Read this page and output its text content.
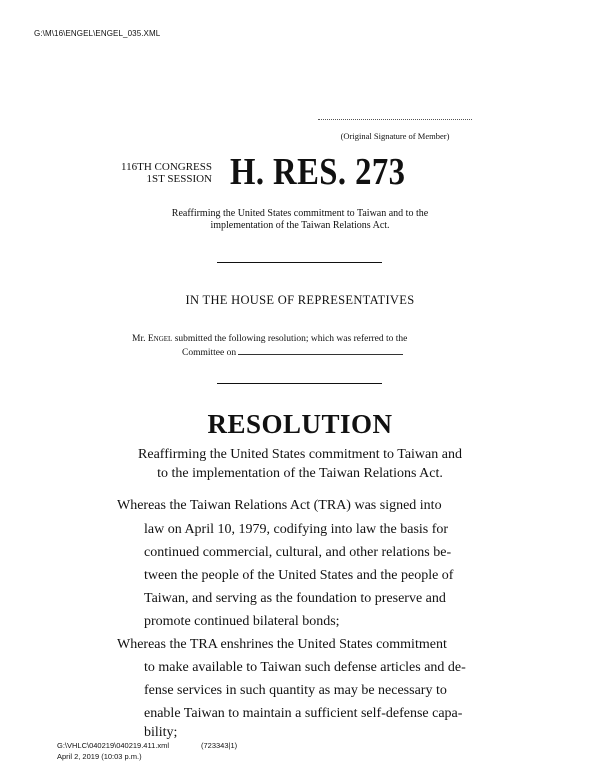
G:\M\16\ENGEL\ENGEL_035.XML
(Original Signature of Member)
116TH CONGRESS
1ST SESSION H. RES. 273
Reaffirming the United States commitment to Taiwan and to the
implementation of the Taiwan Relations Act.
IN THE HOUSE OF REPRESENTATIVES
Mr. Engel submitted the following resolution; which was referred to the
Committee on
RESOLUTION
Reaffirming the United States commitment to Taiwan and
to the implementation of the Taiwan Relations Act.
Whereas the Taiwan Relations Act (TRA) was signed into
law on April 10, 1979, codifying into law the basis for
continued commercial, cultural, and other relations be-
tween the people of the United States and the people of
Taiwan, and serving as the foundation to preserve and
promote continued bilateral bonds;
Whereas the TRA enshrines the United States commitment
to make available to Taiwan such defense articles and de-
fense services in such quantity as may be necessary to
enable Taiwan to maintain a sufficient self-defense capa-
bility;
G:\VHLC\040219\040219.411.xml	(723343|1)
April 2, 2019 (10:03 p.m.)
